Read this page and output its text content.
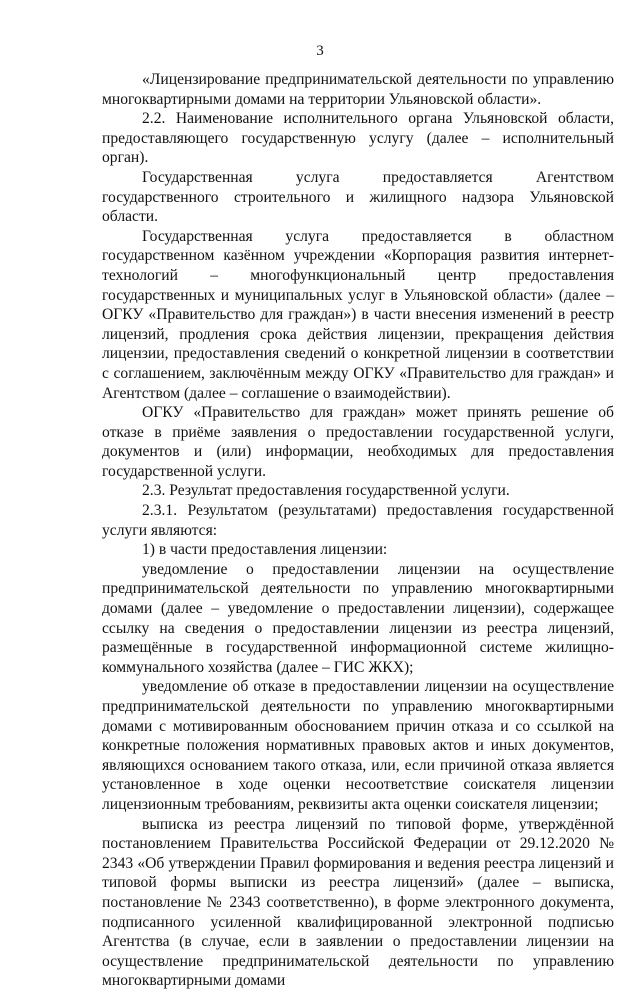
3

«Лицензирование предпринимательской деятельности по управлению многоквартирными домами на территории Ульяновской области».

2.2. Наименование исполнительного органа Ульяновской области, предоставляющего государственную услугу (далее – исполнительный орган).

Государственная услуга предоставляется Агентством государственного строительного и жилищного надзора Ульяновской области.

Государственная услуга предоставляется в областном государственном казённом учреждении «Корпорация развития интернет-технологий – многофункциональный центр предоставления государственных и муниципальных услуг в Ульяновской области» (далее – ОГКУ «Правительство для граждан») в части внесения изменений в реестр лицензий, продления срока действия лицензии, прекращения действия лицензии, предоставления сведений о конкретной лицензии в соответствии с соглашением, заключённым между ОГКУ «Правительство для граждан» и Агентством (далее – соглашение о взаимодействии).

ОГКУ «Правительство для граждан» может принять решение об отказе в приёме заявления о предоставлении государственной услуги, документов и (или) информации, необходимых для предоставления государственной услуги.

2.3. Результат предоставления государственной услуги.

2.3.1. Результатом (результатами) предоставления государственной услуги являются:

1) в части предоставления лицензии:

уведомление о предоставлении лицензии на осуществление предпринимательской деятельности по управлению многоквартирными домами (далее – уведомление о предоставлении лицензии), содержащее ссылку на сведения о предоставлении лицензии из реестра лицензий, размещённые в государственной информационной системе жилищно-коммунального хозяйства (далее – ГИС ЖКХ);

уведомление об отказе в предоставлении лицензии на осуществление предпринимательской деятельности по управлению многоквартирными домами с мотивированным обоснованием причин отказа и со ссылкой на конкретные положения нормативных правовых актов и иных документов, являющихся основанием такого отказа, или, если причиной отказа является установленное в ходе оценки несоответствие соискателя лицензии лицензионным требованиям, реквизиты акта оценки соискателя лицензии;

выписка из реестра лицензий по типовой форме, утверждённой постановлением Правительства Российской Федерации от 29.12.2020 № 2343 «Об утверждении Правил формирования и ведения реестра лицензий и типовой формы выписки из реестра лицензий» (далее – выписка, постановление № 2343 соответственно), в форме электронного документа, подписанного усиленной квалифицированной электронной подписью Агентства (в случае, если в заявлении о предоставлении лицензии на осуществление предпринимательской деятельности по управлению многоквартирными домами
